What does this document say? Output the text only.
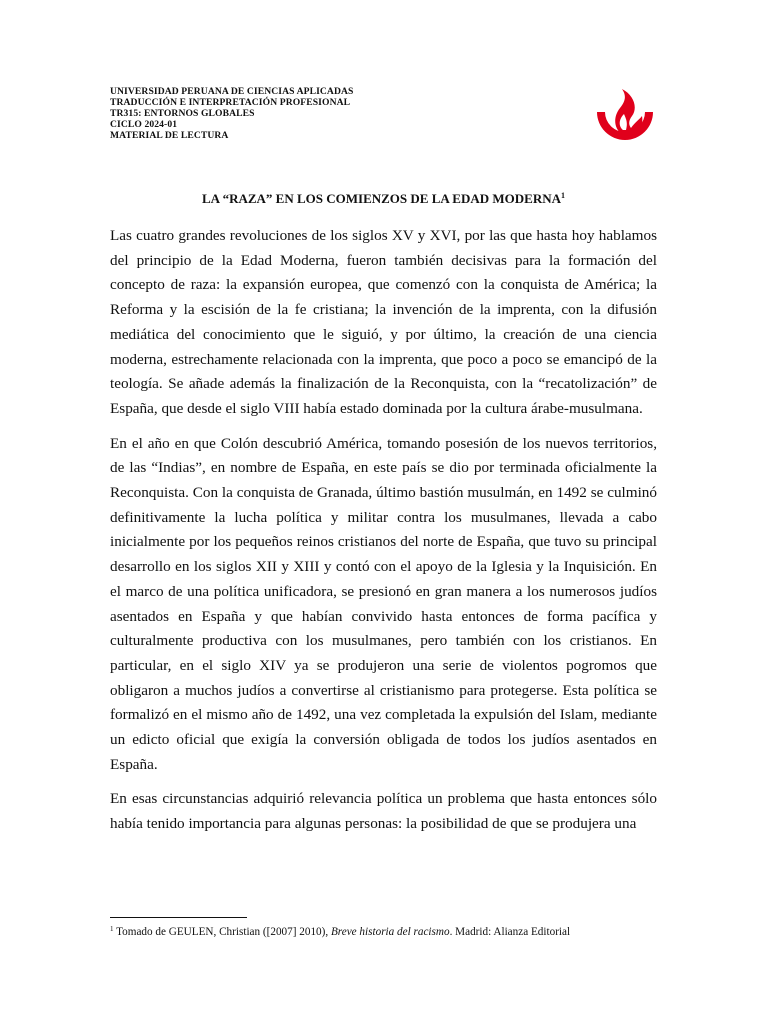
UNIVERSIDAD PERUANA DE CIENCIAS APLICADAS
TRADUCCIÓN E INTERPRETACIÓN PROFESIONAL
TR315: ENTORNOS GLOBALES
CICLO 2024-01
MATERIAL DE LECTURA
LA “RAZA” EN LOS COMIENZOS DE LA EDAD MODERNA$^1$

Las cuatro grandes revoluciones de los siglos XV y XVI, por las que hasta hoy hablamos del principio de la Edad Moderna, fueron también decisivas para la formación del concepto de raza: la expansión europea, que comenzó con la conquista de América; la Reforma y la escisión de la fe cristiana; la invención de la imprenta, con la difusión mediática del conocimiento que le siguió, y por último, la creación de una ciencia moderna, estrechamente relacionada con la imprenta, que poco a poco se emancipó de la teología. Se añade además la finalización de la Reconquista, con la “recatolización” de España, que desde el siglo VIII había estado dominada por la cultura árabe-musulmana.

En el año en que Colón descubrió América, tomando posesión de los nuevos territorios, de las “Indias”, en nombre de España, en este país se dio por terminada oficialmente la Reconquista. Con la conquista de Granada, último bastión musulmán, en 1492 se culminó definitivamente la lucha política y militar contra los musulmanes, llevada a cabo inicialmente por los pequeños reinos cristianos del norte de España, que tuvo su principal desarrollo en los siglos XII y XIII y contó con el apoyo de la Iglesia y la Inquisición. En el marco de una política unificadora, se presionó en gran manera a los numerosos judíos asentados en España y que habían convivido hasta entonces de forma pacífica y culturalmente productiva con los musulmanes, pero también con los cristianos. En particular, en el siglo XIV ya se produjeron una serie de violentos pogromos que obligaron a muchos judíos a convertirse al cristianismo para protegerse. Esta política se formalizó en el mismo año de 1492, una vez completada la expulsión del Islam, mediante un edicto oficial que exigía la conversión obligada de todos los judíos asentados en España.

En esas circunstancias adquirió relevancia política un problema que hasta entonces sólo había tenido importancia para algunas personas: la posibilidad de que se produjera una

$^1$ Tomado de GEULEN, Christian ([2007] 2010), Breve historia del racismo. Madrid: Alianza Editorial
